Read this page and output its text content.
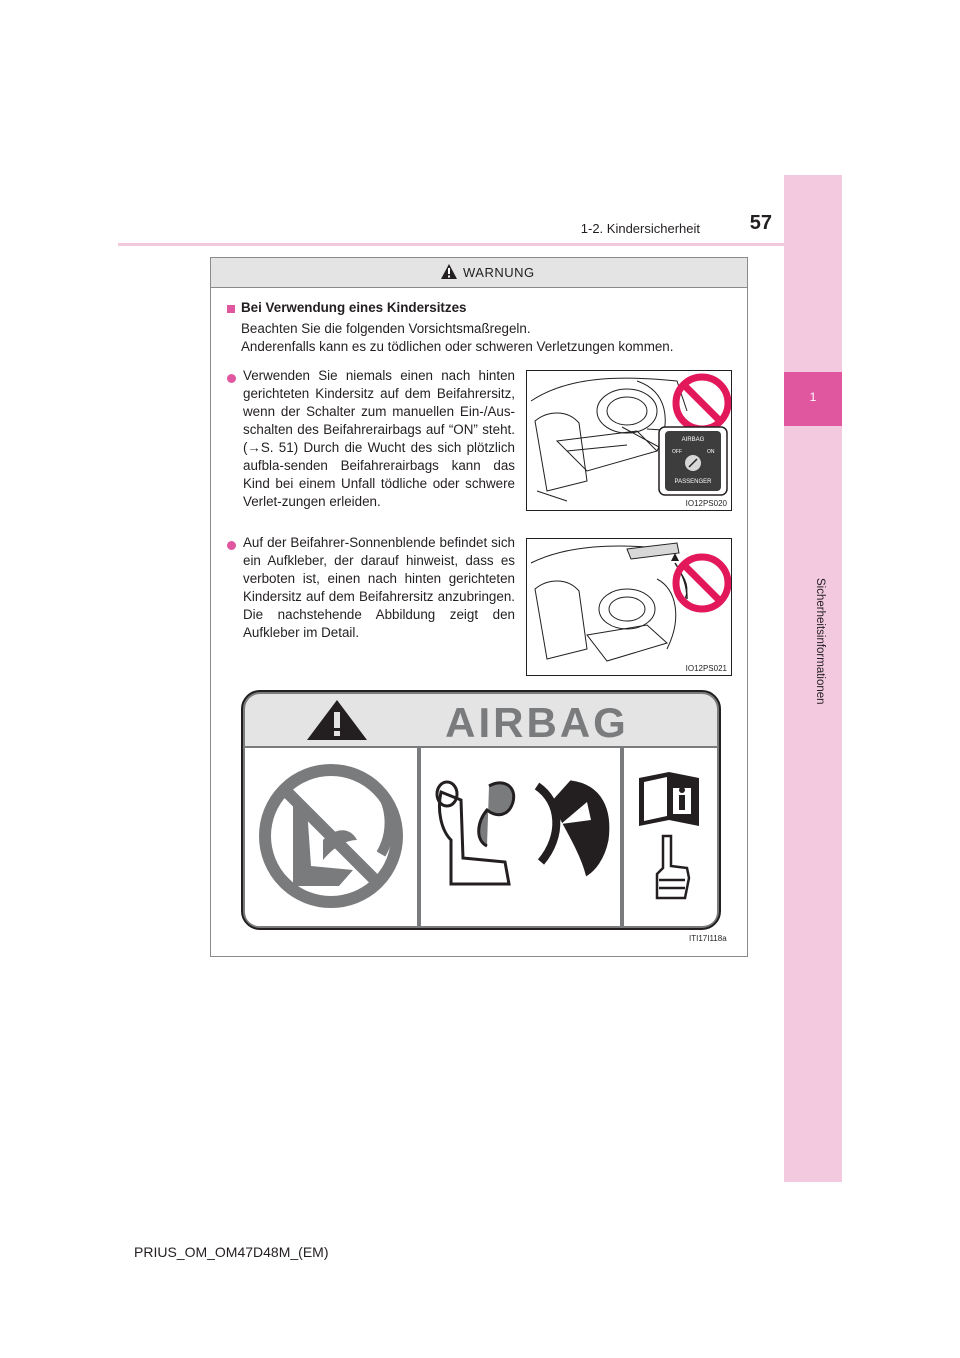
1-2. Kindersicherheit	57
1
Sicherheitsinformationen
WARNUNG
Bei Verwendung eines Kindersitzes
Beachten Sie die folgenden Vorsichtsmaßregeln.
Anderenfalls kann es zu tödlichen oder schweren Verletzungen kommen.
Verwenden Sie niemals einen nach hinten gerichteten Kindersitz auf dem Beifahrersitz, wenn der Schalter zum manuellen Ein-/Aus-schalten des Beifahrerairbags auf “ON” steht. (→S. 51) Durch die Wucht des sich plötzlich aufbla-senden Beifahrerairbags kann das Kind bei einem Unfall tödliche oder schwere Verlet-zungen erleiden.
AIRBAG
OFF	ON
PASSENGER
IO12PS020
Auf der Beifahrer-Sonnenblende befindet sich ein Aufkleber, der darauf hinweist, dass es verboten ist, einen nach hinten gerichteten Kindersitz auf dem Beifahrersitz anzubringen. Die nachstehende Abbildung zeigt den Aufkleber im Detail.
IO12PS021
AIRBAG
ITI17I118a
PRIUS_OM_OM47D48M_(EM)
